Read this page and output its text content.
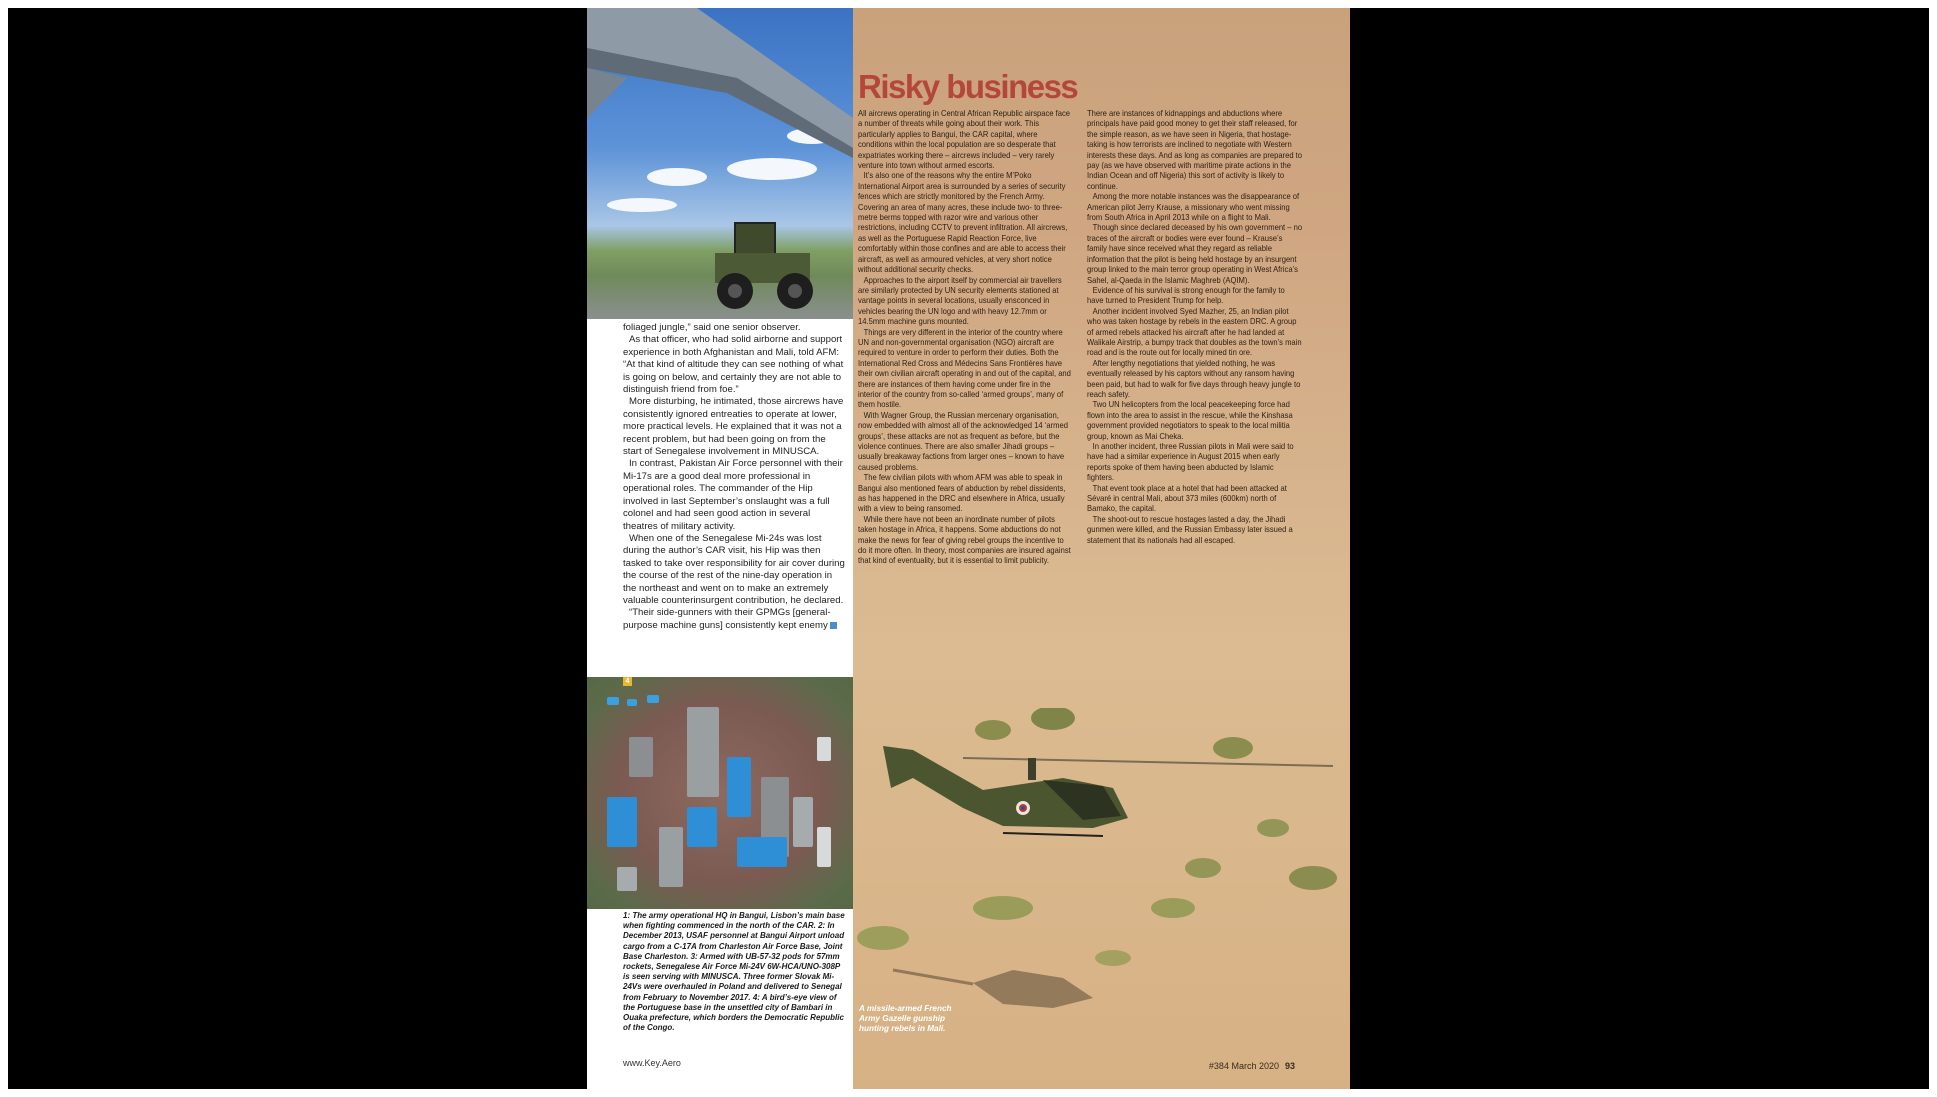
foliaged jungle,” said one senior observer.

As that officer, who had solid airborne and support experience in both Afghanistan and Mali, told AFM: “At that kind of altitude they can see nothing of what is going on below, and certainly they are not able to distinguish friend from foe.”

More disturbing, he intimated, those aircrews have consistently ignored entreaties to operate at lower, more practical levels. He explained that it was not a recent problem, but had been going on from the start of Senegalese involvement in MINUSCA.

In contrast, Pakistan Air Force personnel with their Mi-17s are a good deal more professional in operational roles. The commander of the Hip involved in last September’s onslaught was a full colonel and had seen good action in several theatres of military activity.

When one of the Senegalese Mi-24s was lost during the author’s CAR visit, his Hip was then tasked to take over responsibility for air cover during the course of the rest of the nine-day operation in the northeast and went on to make an extremely valuable counterinsurgent contribution, he declared.

“Their side-gunners with their GPMGs [general-purpose machine guns] consistently kept enemy

4
1: The army operational HQ in Bangui, Lisbon’s main base when fighting commenced in the north of the CAR. 2: In December 2013, USAF personnel at Bangui Airport unload cargo from a C-17A from Charleston Air Force Base, Joint Base Charleston. 3: Armed with UB-57-32 pods for 57mm rockets, Senegalese Air Force Mi-24V 6W-HCA/UNO-308P is seen serving with MINUSCA. Three former Slovak Mi-24Vs were overhauled in Poland and delivered to Senegal from February to November 2017. 4: A bird’s-eye view of the Portuguese base in the unsettled city of Bambari in Ouaka prefecture, which borders the Democratic Republic of the Congo.
www.Key.Aero
Risky business

All aircrews operating in Central African Republic airspace face a number of threats while going about their work. This particularly applies to Bangui, the CAR capital, where conditions within the local population are so desperate that expatriates working there – aircrews included – very rarely venture into town without armed escorts.

It’s also one of the reasons why the entire M’Poko International Airport area is surrounded by a series of security fences which are strictly monitored by the French Army. Covering an area of many acres, these include two- to three-metre berms topped with razor wire and various other restrictions, including CCTV to prevent infiltration. All aircrews, as well as the Portuguese Rapid Reaction Force, live comfortably within those confines and are able to access their aircraft, as well as armoured vehicles, at very short notice without additional security checks.

Approaches to the airport itself by commercial air travellers are similarly protected by UN security elements stationed at vantage points in several locations, usually ensconced in vehicles bearing the UN logo and with heavy 12.7mm or 14.5mm machine guns mounted.

Things are very different in the interior of the country where UN and non-governmental organisation (NGO) aircraft are required to venture in order to perform their duties. Both the International Red Cross and Médecins Sans Frontières have their own civilian aircraft operating in and out of the capital, and there are instances of them having come under fire in the interior of the country from so-called ‘armed groups’, many of them hostile.

With Wagner Group, the Russian mercenary organisation, now embedded with almost all of the acknowledged 14 ‘armed groups’, these attacks are not as frequent as before, but the violence continues. There are also smaller Jihadi groups – usually breakaway factions from larger ones – known to have caused problems.

The few civilian pilots with whom AFM was able to speak in Bangui also mentioned fears of abduction by rebel dissidents, as has happened in the DRC and elsewhere in Africa, usually with a view to being ransomed.

While there have not been an inordinate number of pilots taken hostage in Africa, it happens. Some abductions do not make the news for fear of giving rebel groups the incentive to do it more often. In theory, most companies are insured against that kind of eventuality, but it is essential to limit publicity.

There are instances of kidnappings and abductions where principals have paid good money to get their staff released, for the simple reason, as we have seen in Nigeria, that hostage-taking is how terrorists are inclined to negotiate with Western interests these days. And as long as companies are prepared to pay (as we have observed with maritime pirate actions in the Indian Ocean and off Nigeria) this sort of activity is likely to continue.

Among the more notable instances was the disappearance of American pilot Jerry Krause, a missionary who went missing from South Africa in April 2013 while on a flight to Mali.

Though since declared deceased by his own government – no traces of the aircraft or bodies were ever found – Krause’s family have since received what they regard as reliable information that the pilot is being held hostage by an insurgent group linked to the main terror group operating in West Africa’s Sahel, al-Qaeda in the Islamic Maghreb (AQIM).

Evidence of his survival is strong enough for the family to have turned to President Trump for help.

Another incident involved Syed Mazher, 25, an Indian pilot who was taken hostage by rebels in the eastern DRC. A group of armed rebels attacked his aircraft after he had landed at Walikale Airstrip, a bumpy track that doubles as the town’s main road and is the route out for locally mined tin ore.

After lengthy negotiations that yielded nothing, he was eventually released by his captors without any ransom having been paid, but had to walk for five days through heavy jungle to reach safety.

Two UN helicopters from the local peacekeeping force had flown into the area to assist in the rescue, while the Kinshasa government provided negotiators to speak to the local militia group, known as Mai Cheka.

In another incident, three Russian pilots in Mali were said to have had a similar experience in August 2015 when early reports spoke of them having been abducted by Islamic fighters.

That event took place at a hotel that had been attacked at Sévaré in central Mali, about 373 miles (600km) north of Bamako, the capital.

The shoot-out to rescue hostages lasted a day, the Jihadi gunmen were killed, and the Russian Embassy later issued a statement that its nationals had all escaped.

A missile-armed French Army Gazelle gunship hunting rebels in Mali.
#384 March 2020 93
